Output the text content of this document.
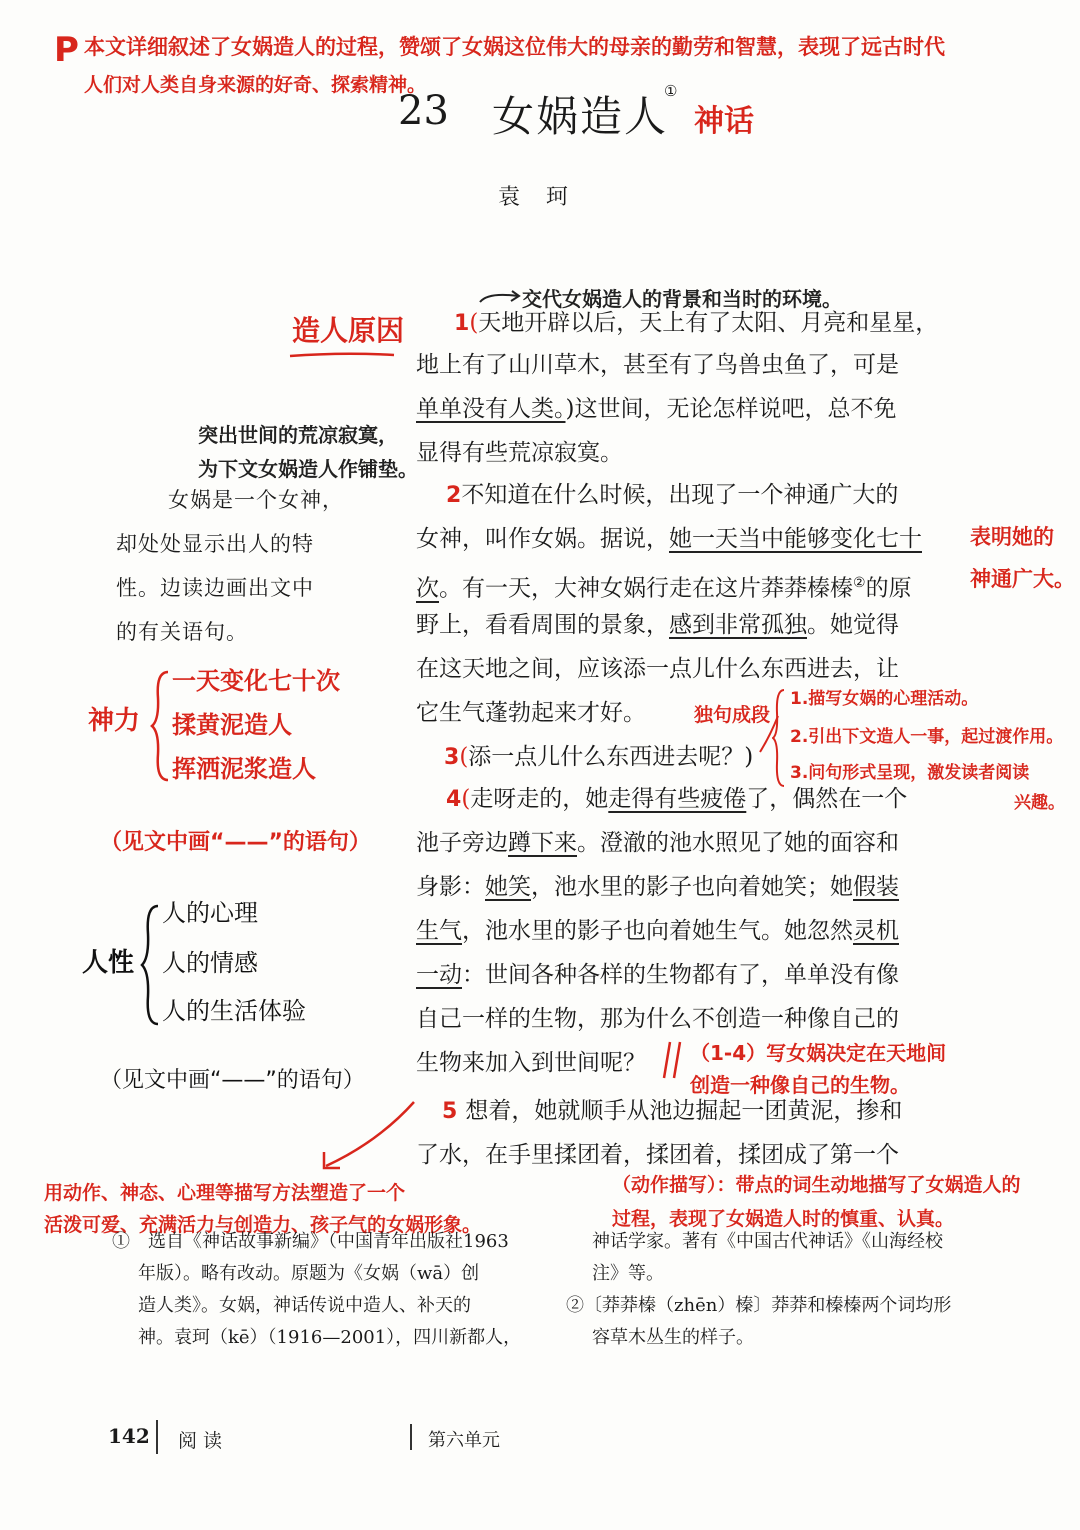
P 本文详细叙述了女娲造人的过程，赞颂了女娲这位伟大的母亲的勤劳和智慧，表现了远古时代
人们对人类自身来源的好奇、探索精神。
23 女娲造人
①
神话
袁珂
造人原因
突出世间的荒凉寂寞，
为下文女娲造人作铺垫。
女娲是一个女神，
却处处显示出人的特
性。边读边画出文中
的有关语句。
神力
一天变化七十次
揉黄泥造人
挥洒泥浆造人
（见文中画“——”的语句）
人性
人的心理
人的情感
人的生活体验
（见文中画“——”的语句）
交代女娲造人的背景和当时的环境。
1(天地开辟以后，天上有了太阳、月亮和星星，
地上有了山川草木，甚至有了鸟兽虫鱼了，可是
单单没有人类。)这世间，无论怎样说吧，总不免
显得有些荒凉寂寞。
2不知道在什么时候，出现了一个神通广大的
女神，叫作女娲。据说，她一天当中能够变化七十
次。有一天，大神女娲行走在这片莽莽榛榛②的原
野上，看看周围的景象，感到非常孤独。她觉得
在这天地之间，应该添一点儿什么东西进去，让
它生气蓬勃起来才好。
表明她的
神通广大。
3(添一点儿什么东西进去呢？)
独句成段
1.描写女娲的心理活动。
2.引出下文造人一事，起过渡作用。
3.问句形式呈现，激发读者阅读
兴趣。
4(走呀走的，她走得有些疲倦了，偶然在一个
池子旁边蹲下来。澄澈的池水照见了她的面容和
身影：她笑，池水里的影子也向着她笑；她假装
生气，池水里的影子也向着她生气。她忽然灵机
一动：世间各种各样的生物都有了，单单没有像
自己一样的生物，那为什么不创造一种像自己的
生物来加入到世间呢？ （1-4）写女娲决定在天地间
创造一种像自己的生物。
5 想着，她就顺手从池边掘起一团黄泥，掺和
了水，在手里揉团着，揉团着，揉团成了第一个
（动作描写）：带点的词生动地描写了女娲造人的
过程，表现了女娲造人时的慎重、认真。
用动作、神态、心理等描写方法塑造了一个
活泼可爱、充满活力与创造力、孩子气的女娲形象。
①　选自《神话故事新编》（中国青年出版社1963
年版）。略有改动。原题为《女娲（wā）创
造人类》。女娲，神话传说中造人、补天的
神。袁珂（kē）（1916—2001），四川新都人，
神话学家。著有《中国古代神话》《山海经校
注》等。
②〔莽莽榛（zhēn）榛〕莽莽和榛榛两个词均形
容草木丛生的样子。
142 阅读	第六单元
